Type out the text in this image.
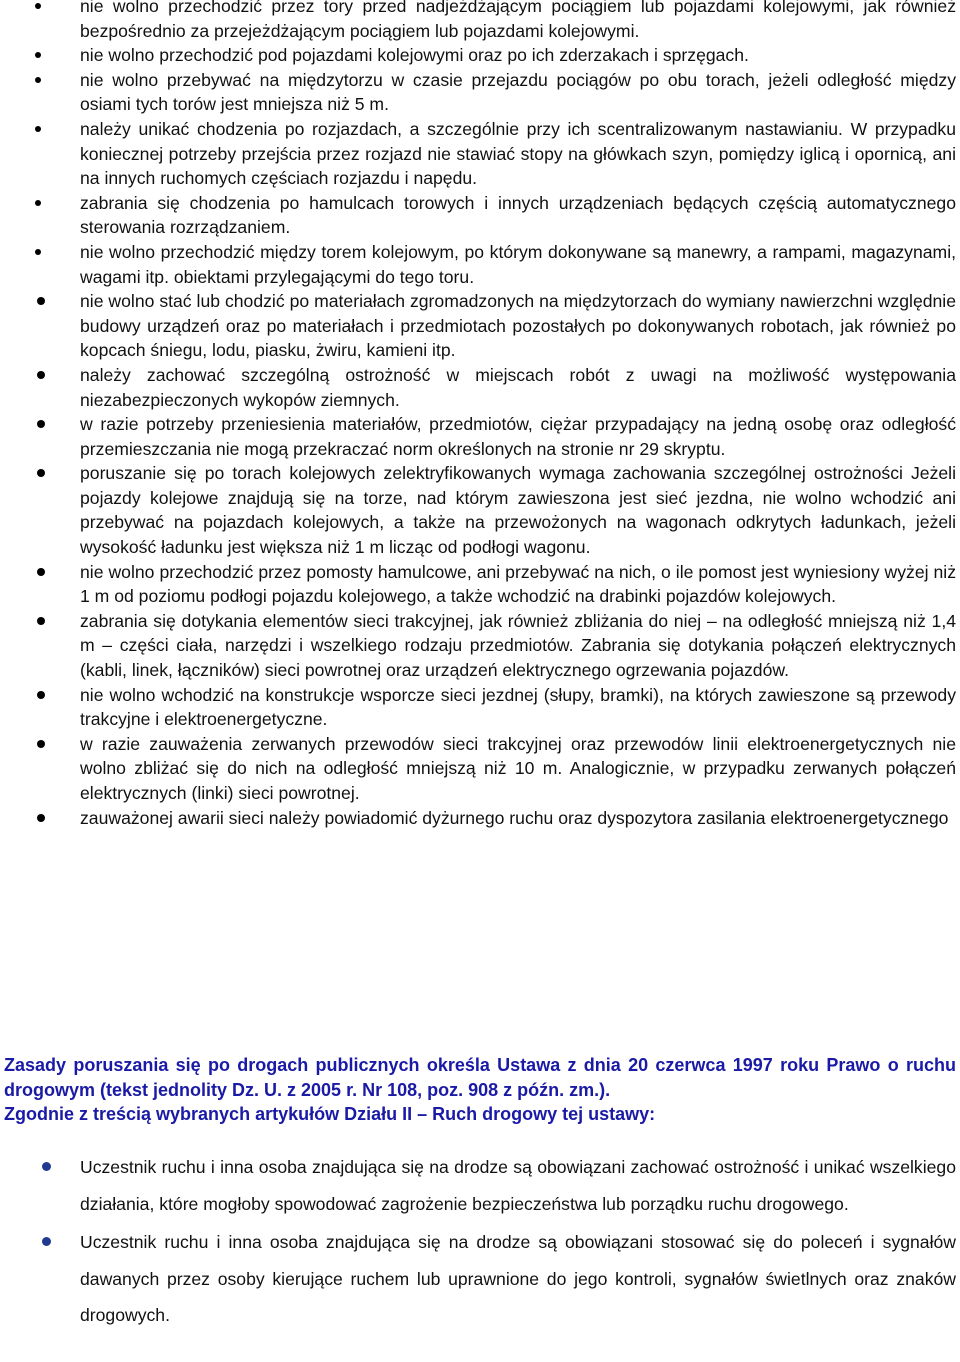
nie wolno przechodzić przez tory przed nadjeżdżającym pociągiem lub pojazdami kolejowymi, jak również bezpośrednio za przejeżdżającym pociągiem lub pojazdami kolejowymi.
nie wolno przechodzić pod pojazdami kolejowymi oraz po ich zderzakach i sprzęgach.
nie wolno przebywać na międzytorzu w czasie przejazdu pociągów po obu torach, jeżeli odległość między osiami tych torów jest mniejsza niż 5 m.
należy unikać chodzenia po rozjazdach, a szczególnie przy ich scentralizowanym nastawianiu. W przypadku koniecznej potrzeby przejścia przez rozjazd nie stawiać stopy na główkach szyn, pomiędzy iglicą i opornicą, ani na innych ruchomych częściach rozjazdu i napędu.
zabrania się chodzenia po hamulcach torowych i innych urządzeniach będących częścią automatycznego sterowania rozrządzaniem.
nie wolno przechodzić między torem kolejowym, po którym dokonywane są manewry, a rampami, magazynami, wagami itp. obiektami przylegającymi do tego toru.
nie wolno stać lub chodzić po materiałach zgromadzonych na międzytorzach do wymiany nawierzchni względnie budowy urządzeń oraz po materiałach i przedmiotach pozostałych po dokonywanych robotach, jak również po kopcach śniegu, lodu, piasku, żwiru, kamieni itp.
należy zachować szczególną ostrożność w miejscach robót z uwagi na możliwość występowania niezabezpieczonych wykopów ziemnych.
w razie potrzeby przeniesienia materiałów, przedmiotów, ciężar przypadający na jedną osobę oraz odległość przemieszczania nie mogą przekraczać norm określonych na stronie nr 29 skryptu.
poruszanie się po torach kolejowych zelektryfikowanych wymaga zachowania szczególnej ostrożności Jeżeli pojazdy kolejowe znajdują się na torze, nad którym zawieszona jest sieć jezdna, nie wolno wchodzić ani przebywać na pojazdach kolejowych, a także na przewożonych na wagonach odkrytych ładunkach, jeżeli wysokość ładunku jest większa niż 1 m licząc od podłogi wagonu.
nie wolno przechodzić przez pomosty hamulcowe, ani przebywać na nich, o ile pomost jest wyniesiony wyżej niż 1 m od poziomu podłogi pojazdu kolejowego, a także wchodzić na drabinki pojazdów kolejowych.
zabrania się dotykania elementów sieci trakcyjnej, jak również zbliżania do niej – na odległość mniejszą niż 1,4 m – części ciała, narzędzi i wszelkiego rodzaju przedmiotów. Zabrania się dotykania połączeń elektrycznych (kabli, linek, łączników) sieci powrotnej oraz urządzeń elektrycznego ogrzewania pojazdów.
nie wolno wchodzić na konstrukcje wsporcze sieci jezdnej (słupy, bramki), na których zawieszone są przewody trakcyjne i elektroenergetyczne.
w razie zauważenia zerwanych przewodów sieci trakcyjnej oraz przewodów linii elektroenergetycznych nie wolno zbliżać się do nich na odległość mniejszą niż 10 m. Analogicznie, w przypadku zerwanych połączeń elektrycznych (linki) sieci powrotnej.
zauważonej awarii sieci należy powiadomić dyżurnego ruchu oraz dyspozytora zasilania elektroenergetycznego
Zasady poruszania się po drogach publicznych określa Ustawa z dnia 20 czerwca 1997 roku Prawo o ruchu drogowym (tekst jednolity Dz. U. z 2005 r. Nr 108, poz. 908 z późn. zm.).
Zgodnie z treścią wybranych artykułów Działu II – Ruch drogowy tej ustawy:
Uczestnik ruchu i inna osoba znajdująca się na drodze są obowiązani zachować ostrożność i unikać wszelkiego działania, które mogłoby spowodować zagrożenie bezpieczeństwa lub porządku ruchu drogowego.
Uczestnik ruchu i inna osoba znajdująca się na drodze są obowiązani stosować się do poleceń i sygnałów dawanych przez osoby kierujące ruchem lub uprawnione do jego kontroli, sygnałów świetlnych oraz znaków drogowych.
